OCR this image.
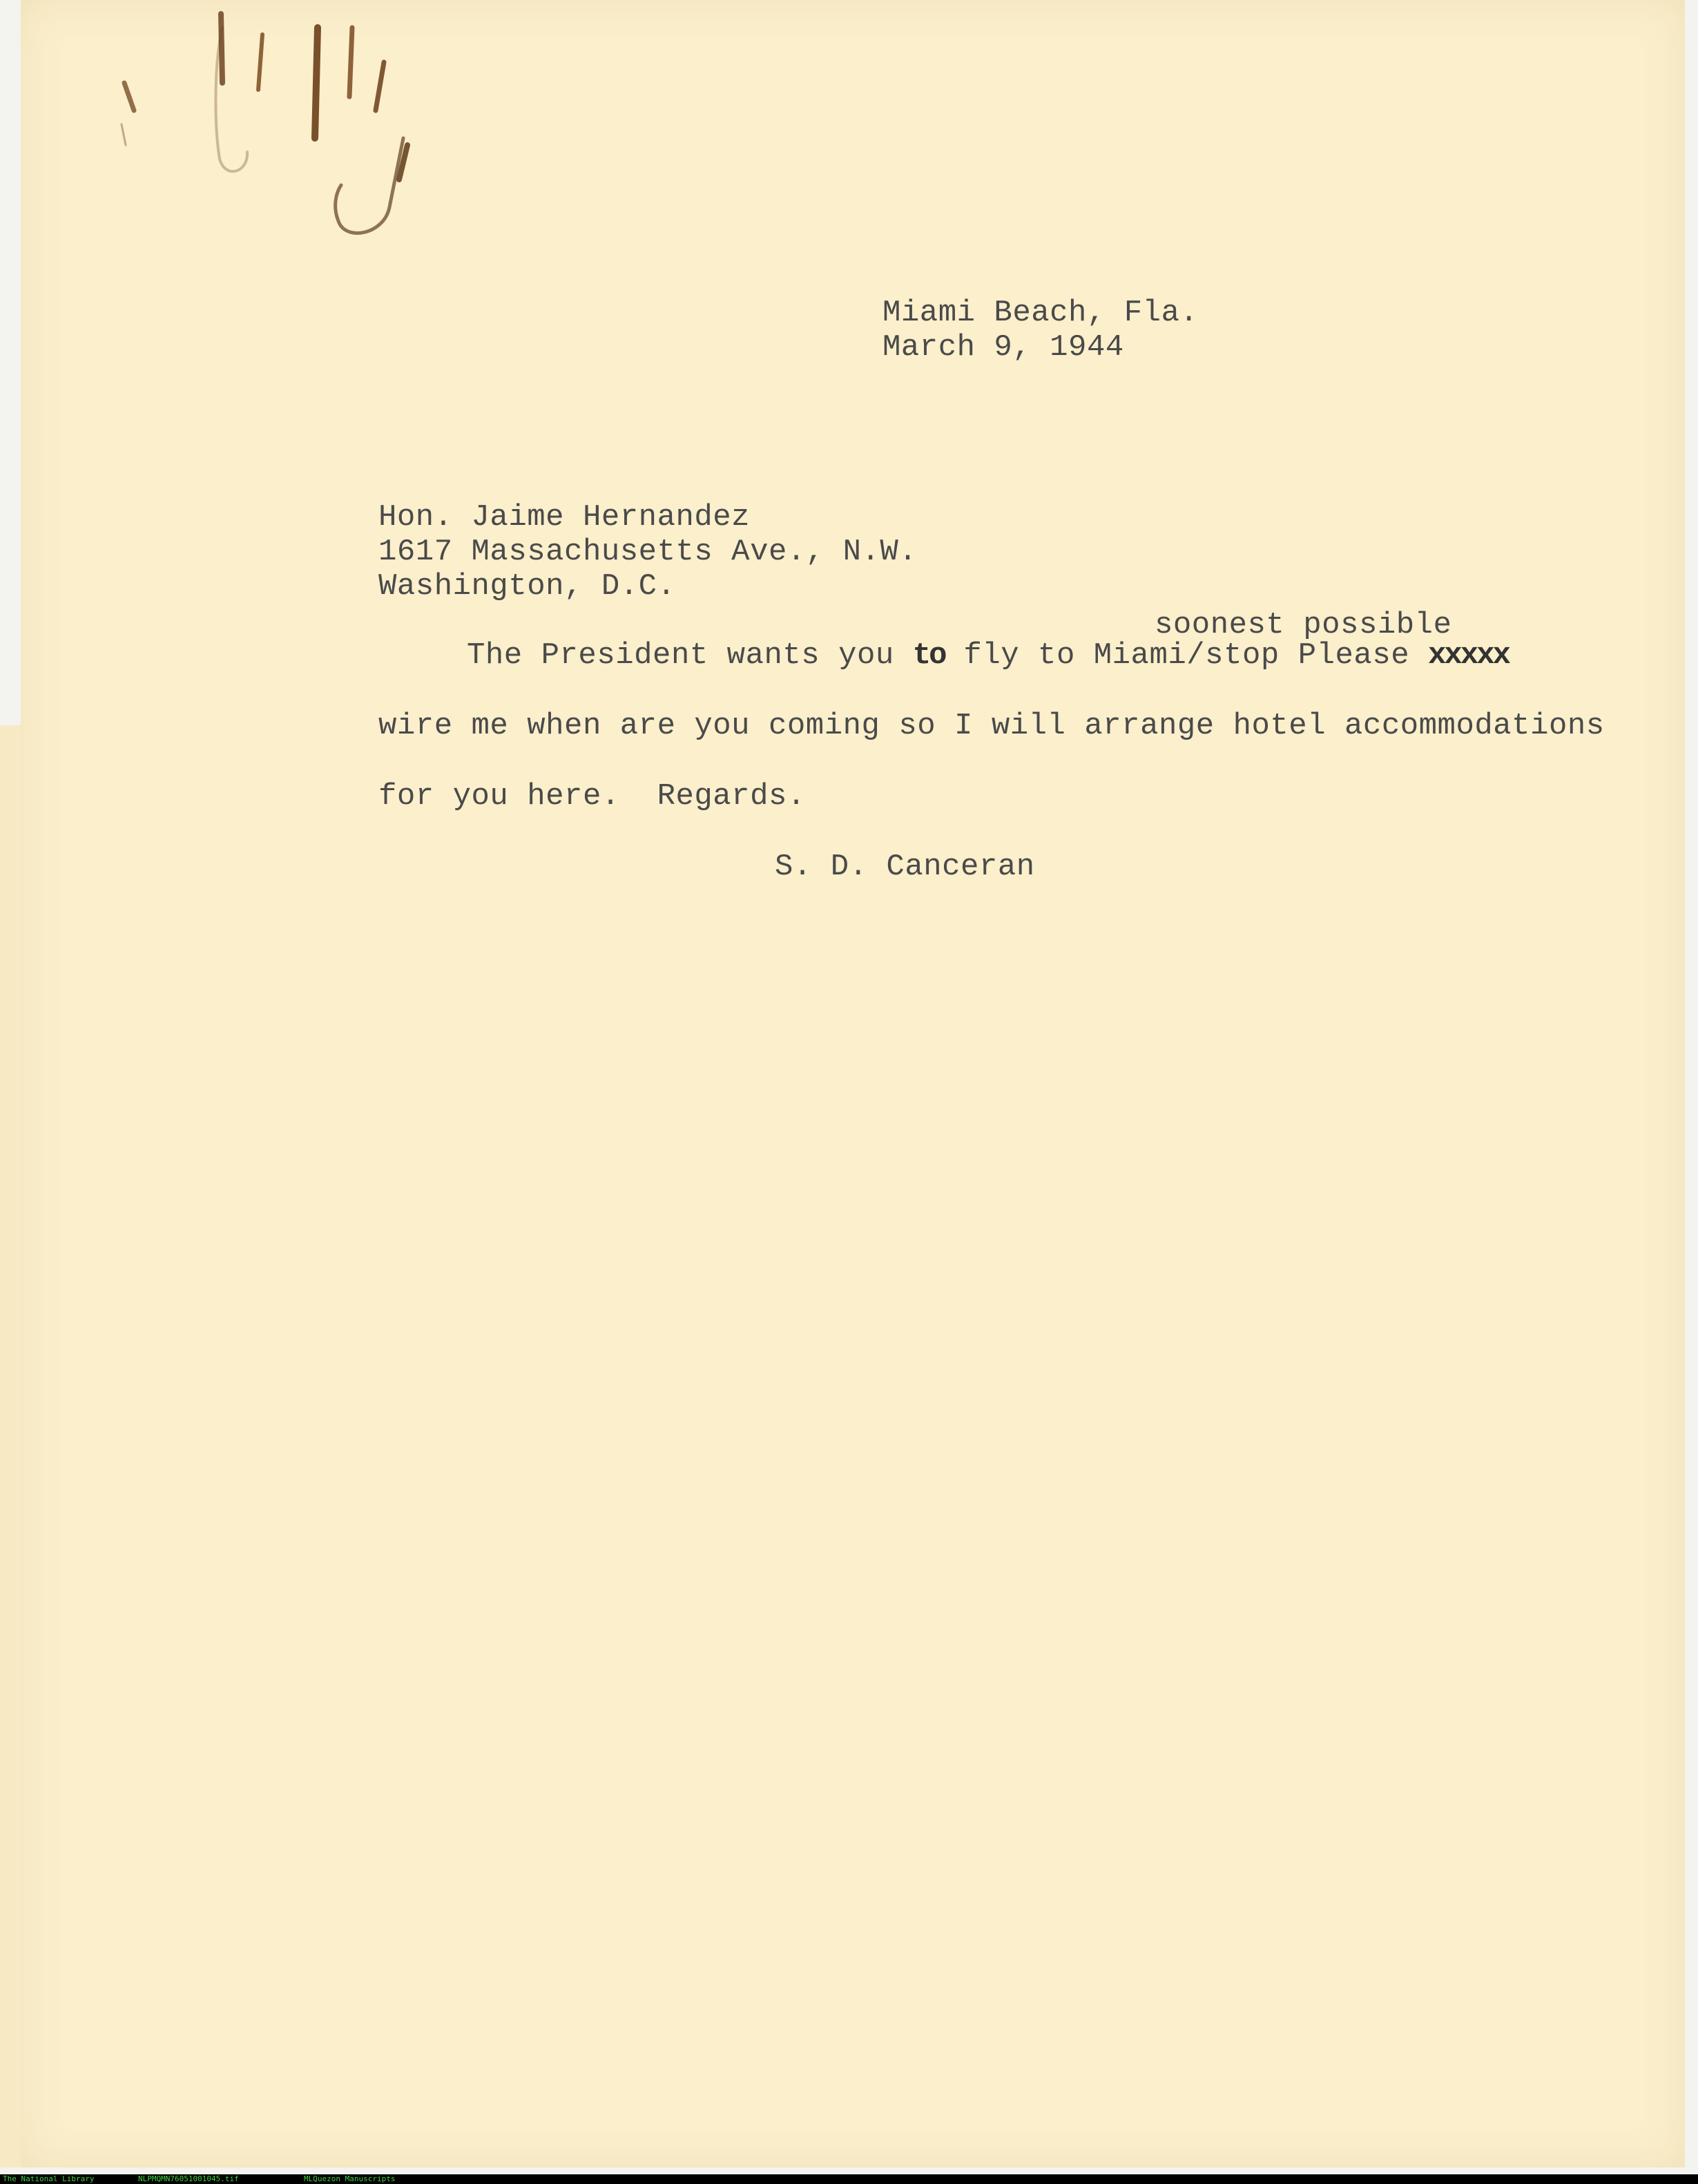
Miami Beach, Fla.
March 9, 1944
Hon. Jaime Hernandez
1617 Massachusetts Ave., N.W.
Washington, D.C.
soonest possible
The President wants you to fly to Miami/stop Please xxxxx
wire me when are you coming so I will arrange hotel accommodations
for you here.  Regards.
S. D. Canceran
The National Library	NLPMQMN76051001045.tif	MLQuezon Manuscripts
